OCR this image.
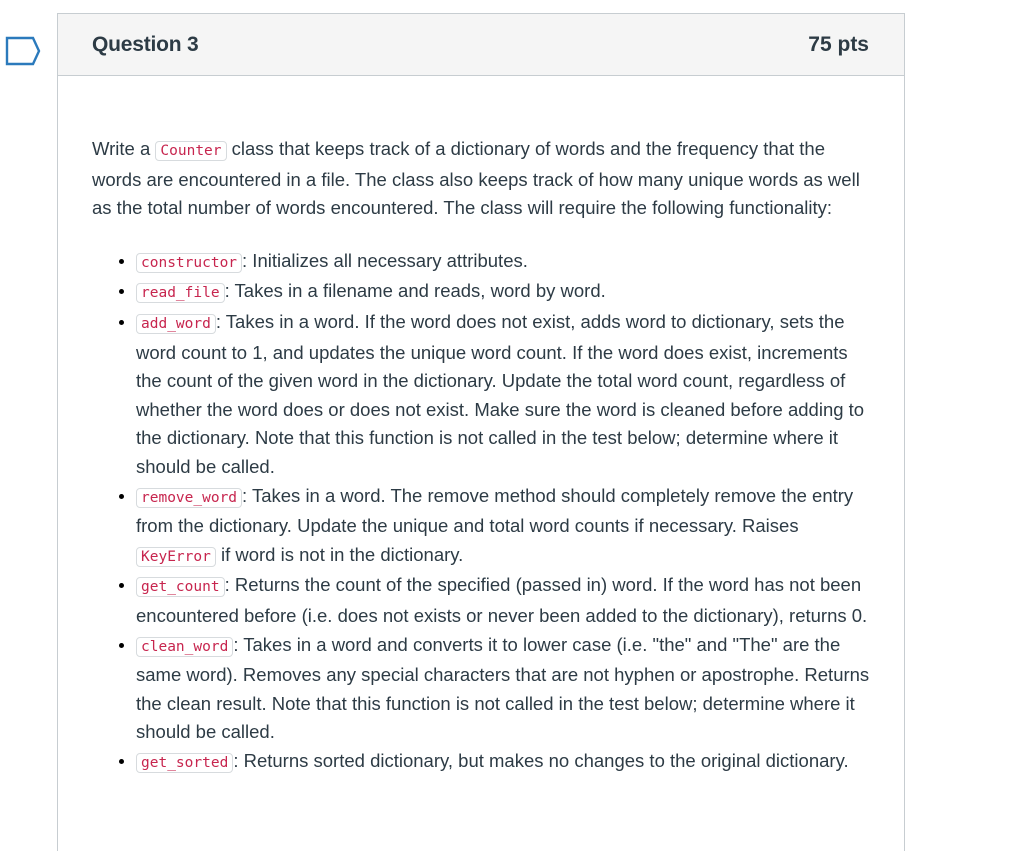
Question 3	75 pts

Write a Counter class that keeps track of a dictionary of words and the frequency that the words are encountered in a file. The class also keeps track of how many unique words as well as the total number of words encountered. The class will require the following functionality:

• constructor : Initializes all necessary attributes.
• read_file : Takes in a filename and reads, word by word.
• add_word : Takes in a word. If the word does not exist, adds word to dictionary, sets the word count to 1, and updates the unique word count. If the word does exist, increments the count of the given word in the dictionary. Update the total word count, regardless of whether the word does or does not exist. Make sure the word is cleaned before adding to the dictionary. Note that this function is not called in the test below; determine where it should be called.
• remove_word : Takes in a word. The remove method should completely remove the entry from the dictionary. Update the unique and total word counts if necessary. Raises KeyError if word is not in the dictionary.
• get_count : Returns the count of the specified (passed in) word. If the word has not been encountered before (i.e. does not exists or never been added to the dictionary), returns 0.
• clean_word : Takes in a word and converts it to lower case (i.e. "the" and "The" are the same word). Removes any special characters that are not hyphen or apostrophe. Returns the clean result. Note that this function is not called in the test below; determine where it should be called.
• get_sorted : Returns sorted dictionary, but makes no changes to the original dictionary.
